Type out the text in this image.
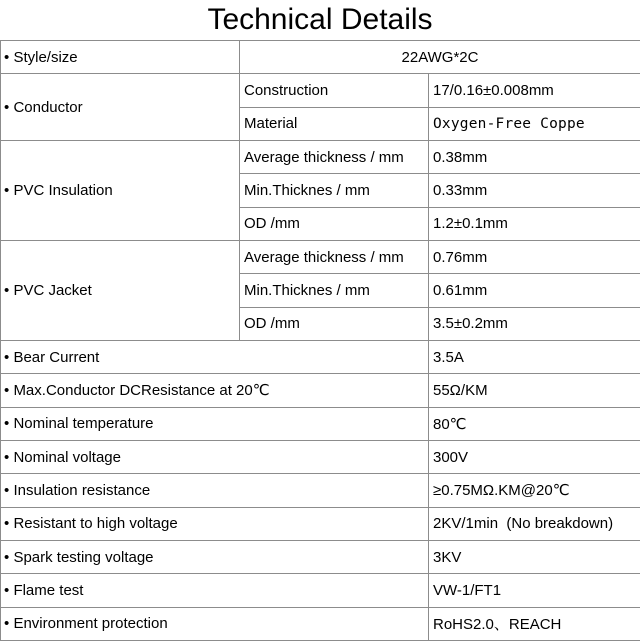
Technical Details
• Style/size	22AWG*2C	
• Conductor	Construction	17/0.16±0.008mm
	Material	Oxygen-Free Coppe
• PVC Insulation	Average thickness / mm	0.38mm
	Min.Thicknes / mm	0.33mm
	OD /mm	1.2±0.1mm
• PVC Jacket	Average thickness / mm	0.76mm
	Min.Thicknes / mm	0.61mm
	OD /mm	3.5±0.2mm
• Bear Current		3.5A
• Max.Conductor DCResistance at 20℃		55Ω/KM
• Nominal temperature		80℃
• Nominal voltage		300V
• Insulation resistance		≥0.75MΩ.KM@20℃
• Resistant to high voltage		2KV/1min  (No breakdown)
• Spark testing voltage		3KV
• Flame test		VW-1/FT1
• Environment protection		RoHS2.0、REACH
